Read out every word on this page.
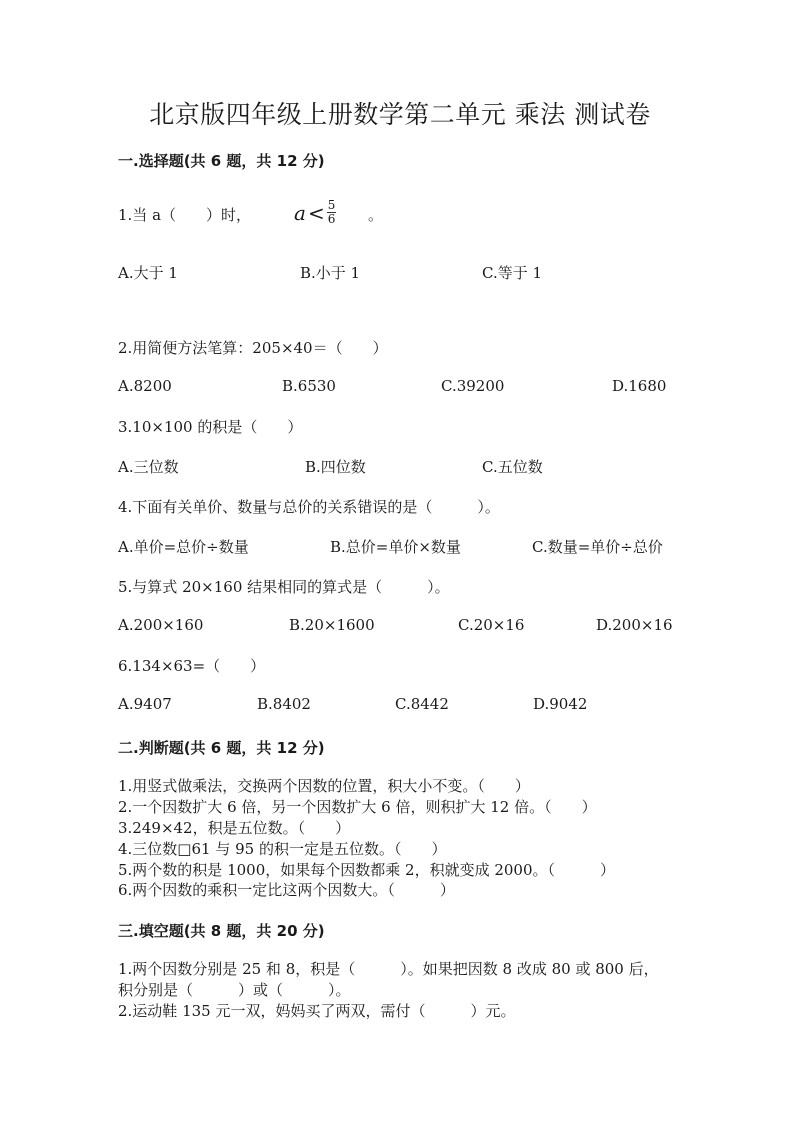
北京版四年级上册数学第二单元 乘法 测试卷
一.选择题(共 6 题，共 12 分)
1.当 a（　　）时， $a < \frac{5}{6}$ 。
A.大于 1	B.小于 1	C.等于 1
2.用简便方法笔算：205×40＝（　　）
A.8200	B.6530	C.39200	D.1680
3.10×100 的积是（　　）
A.三位数	B.四位数	C.五位数
4.下面有关单价、数量与总价的关系错误的是（　　　）。
A.单价=总价÷数量	B.总价=单价×数量	C.数量=单价÷总价
5.与算式 20×160 结果相同的算式是（　　　）。
A.200×160	B.20×1600	C.20×16	D.200×16
6.134×63=（　　）
A.9407	B.8402	C.8442	D.9042
二.判断题(共 6 题，共 12 分)
1.用竖式做乘法，交换两个因数的位置，积大小不变。（　　）
2.一个因数扩大 6 倍，另一个因数扩大 6 倍，则积扩大 12 倍。（　　）
3.249×42，积是五位数。（　　）
4.三位数□61 与 95 的积一定是五位数。（　　）
5.两个数的积是 1000，如果每个因数都乘 2，积就变成 2000。（　　　）
6.两个因数的乘积一定比这两个因数大。（　　　）
三.填空题(共 8 题，共 20 分)
1.两个因数分别是 25 和 8，积是（　　　）。如果把因数 8 改成 80 或 800 后，
积分别是（　　　）或（　　　）。
2.运动鞋 135 元一双，妈妈买了两双，需付（　　　）元。
